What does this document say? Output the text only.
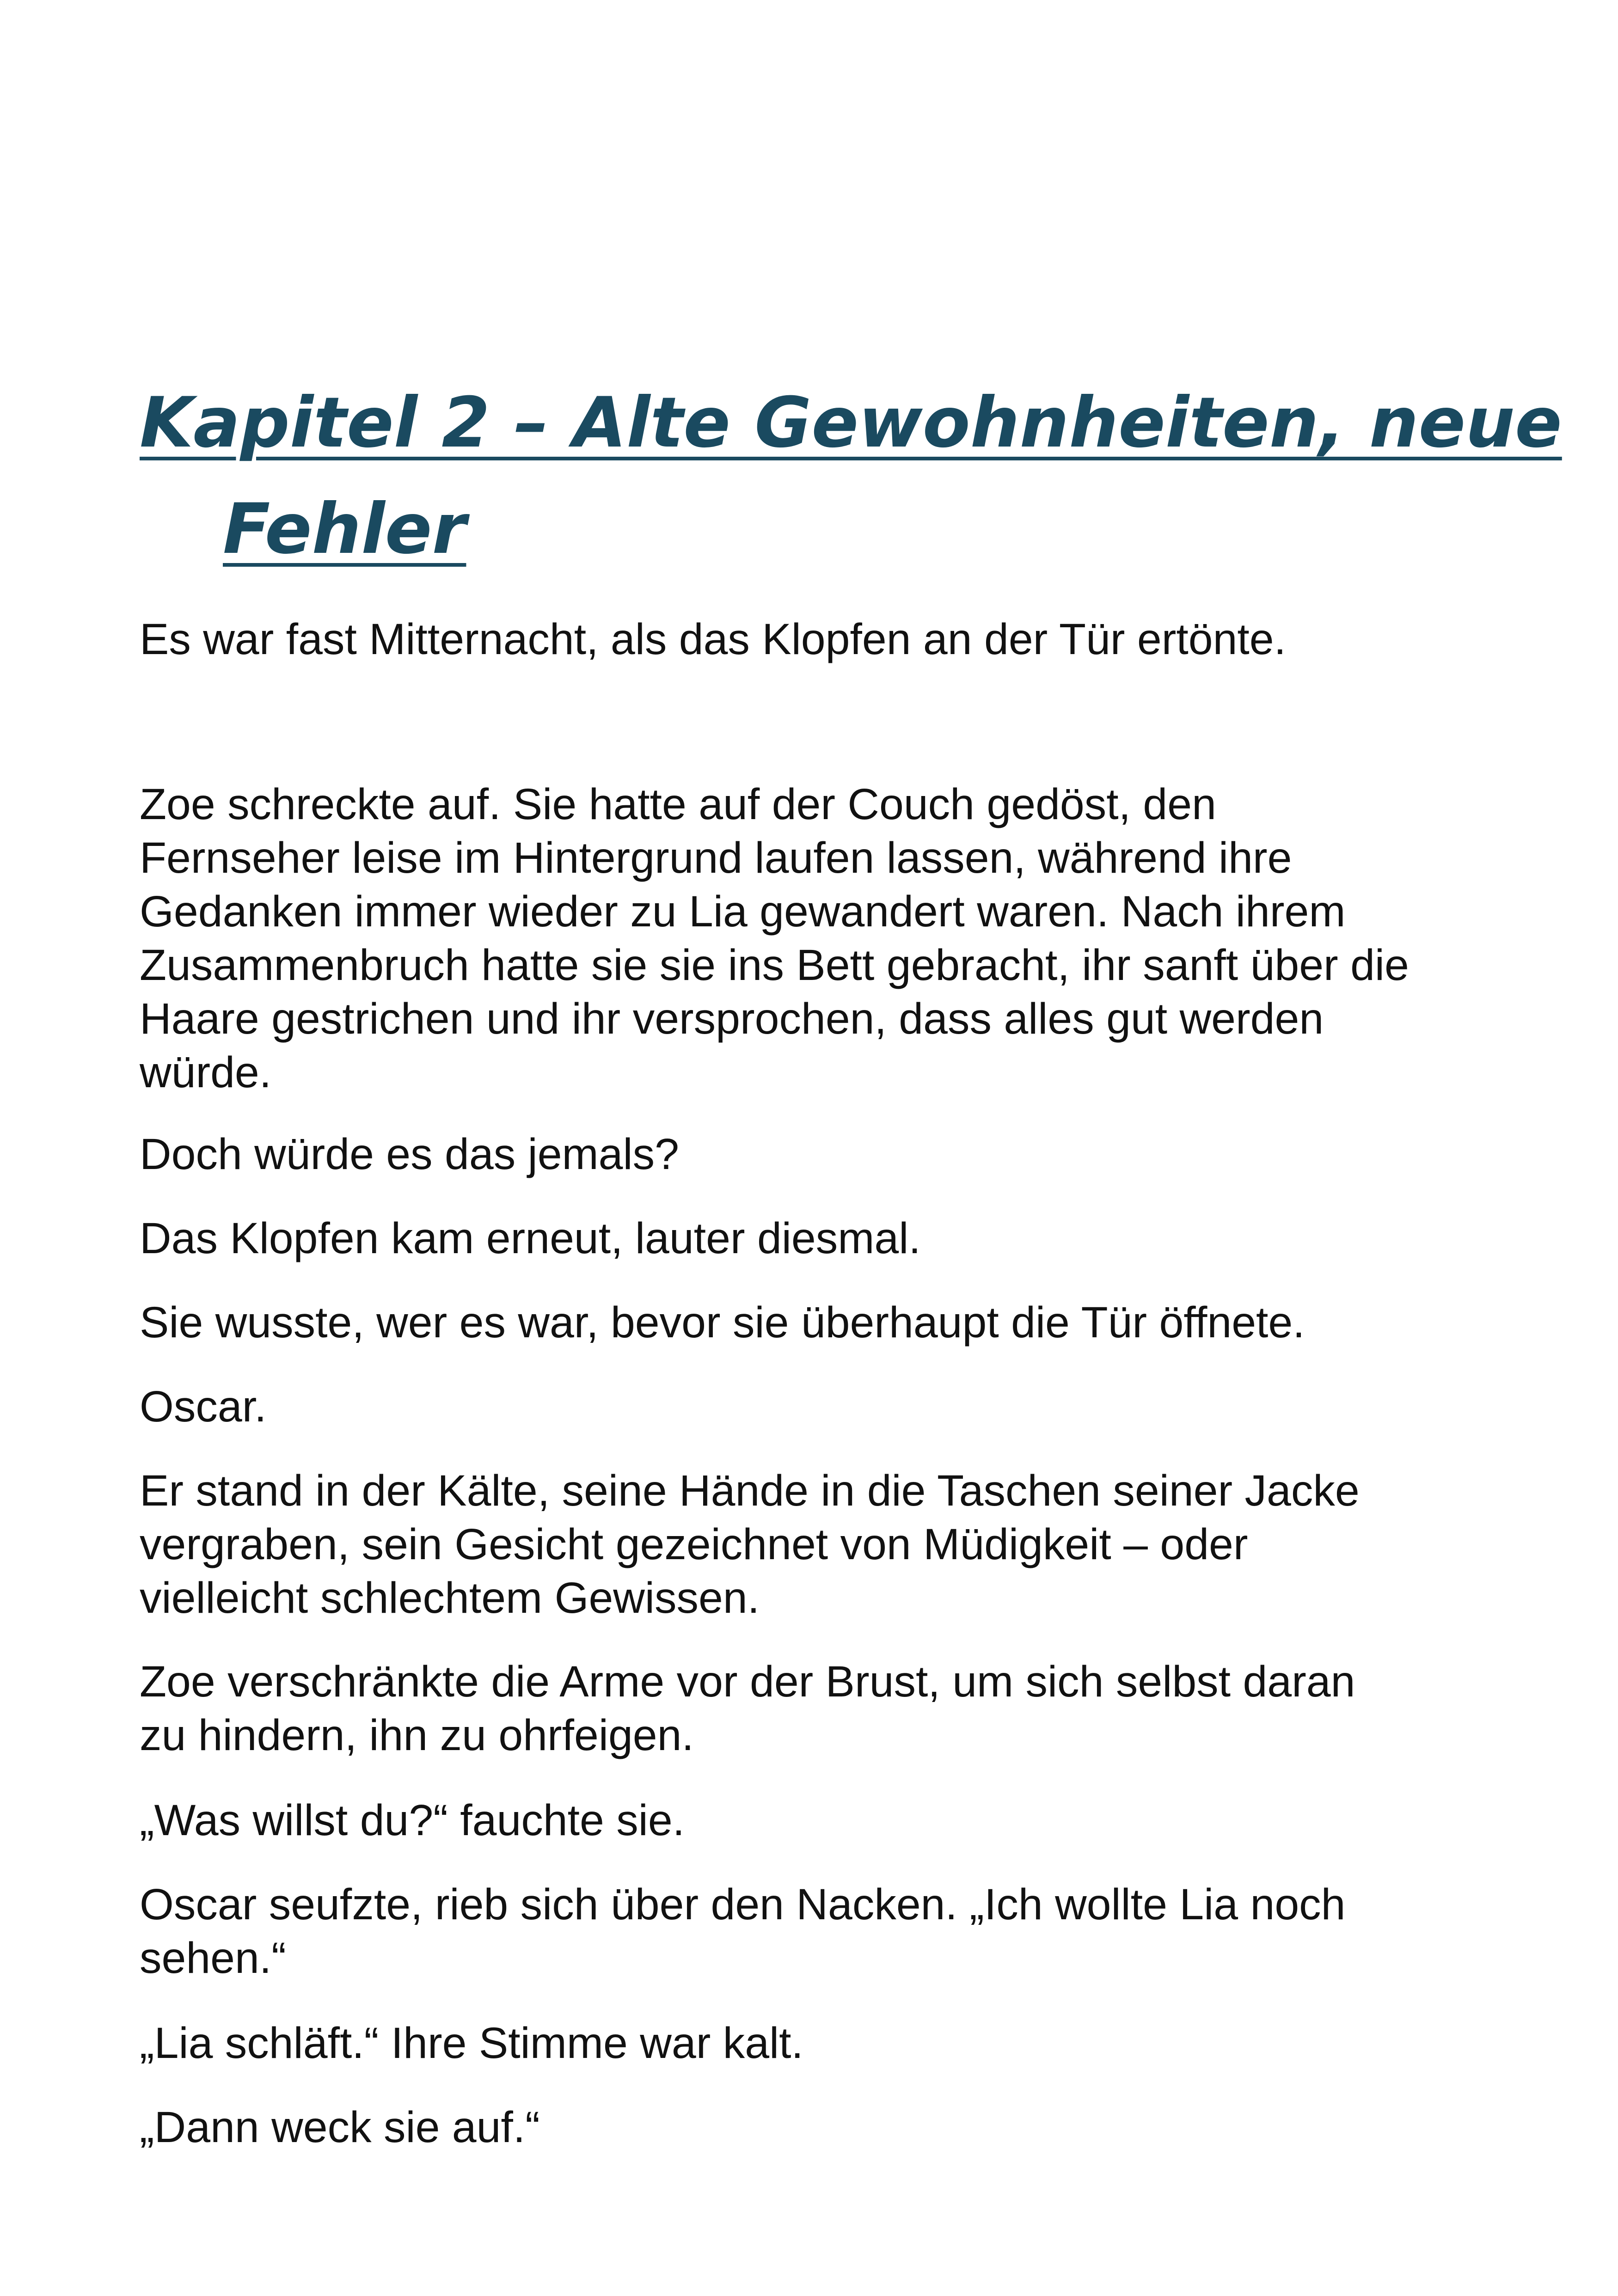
Kapitel 2 – Alte Gewohnheiten, neue
Fehler

Es war fast Mitternacht, als das Klopfen an der Tür ertönte.

Zoe schreckte auf. Sie hatte auf der Couch gedöst, den
Fernseher leise im Hintergrund laufen lassen, während ihre
Gedanken immer wieder zu Lia gewandert waren. Nach ihrem
Zusammenbruch hatte sie sie ins Bett gebracht, ihr sanft über die
Haare gestrichen und ihr versprochen, dass alles gut werden
würde.

Doch würde es das jemals?

Das Klopfen kam erneut, lauter diesmal.

Sie wusste, wer es war, bevor sie überhaupt die Tür öffnete.

Oscar.

Er stand in der Kälte, seine Hände in die Taschen seiner Jacke
vergraben, sein Gesicht gezeichnet von Müdigkeit – oder
vielleicht schlechtem Gewissen.

Zoe verschränkte die Arme vor der Brust, um sich selbst daran
zu hindern, ihn zu ohrfeigen.

„Was willst du?“ fauchte sie.

Oscar seufzte, rieb sich über den Nacken. „Ich wollte Lia noch
sehen.“

„Lia schläft.“ Ihre Stimme war kalt.

„Dann weck sie auf.“
